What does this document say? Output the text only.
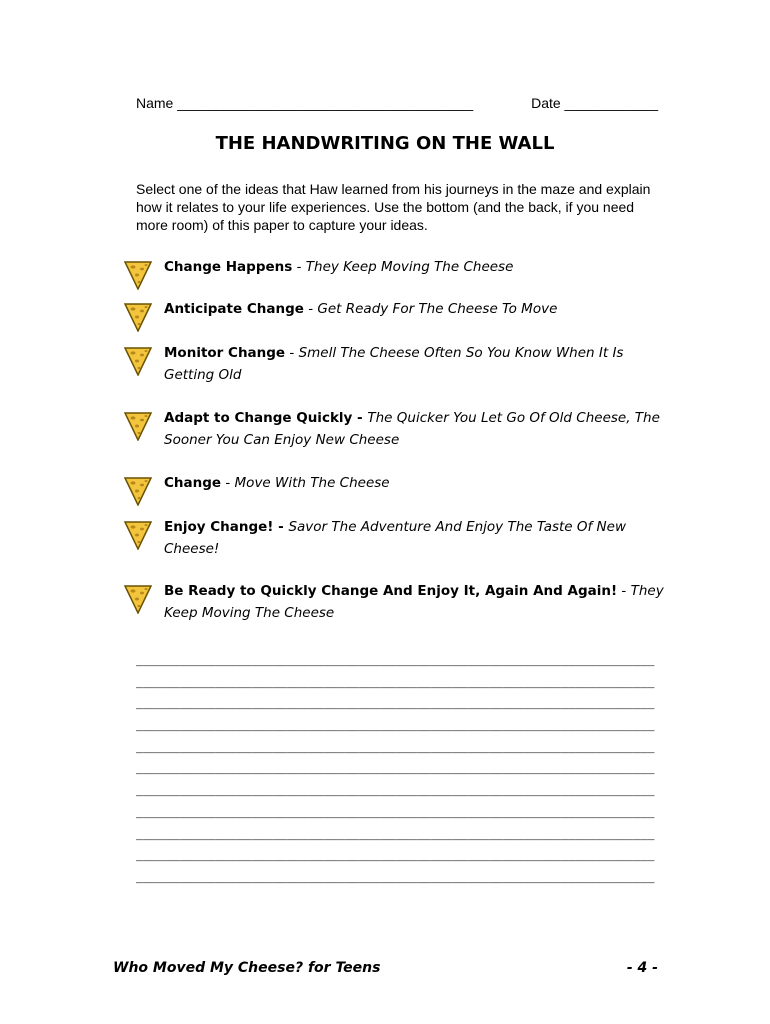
Name ______________________________________	Date ____________
THE HANDWRITING ON THE WALL
Select one of the ideas that Haw learned from his journeys in the maze and explain how it relates to your life experiences. Use the bottom (and the back, if you need more room) of this paper to capture your ideas.
Change Happens - They Keep Moving The Cheese
Anticipate Change - Get Ready For The Cheese To Move
Monitor Change - Smell The Cheese Often So You Know When It Is Getting Old
Adapt to Change Quickly - The Quicker You Let Go Of Old Cheese, The Sooner You Can Enjoy New Cheese
Change - Move With The Cheese
Enjoy Change! - Savor The Adventure And Enjoy The Taste Of New Cheese!
Be Ready to Quickly Change And Enjoy It, Again And Again! - They Keep Moving The Cheese
________________________________________________________________________
________________________________________________________________________
________________________________________________________________________
________________________________________________________________________
________________________________________________________________________
________________________________________________________________________
________________________________________________________________________
________________________________________________________________________
________________________________________________________________________
________________________________________________________________________
________________________________________________________________________
Who Moved My Cheese? for Teens	- 4 -
